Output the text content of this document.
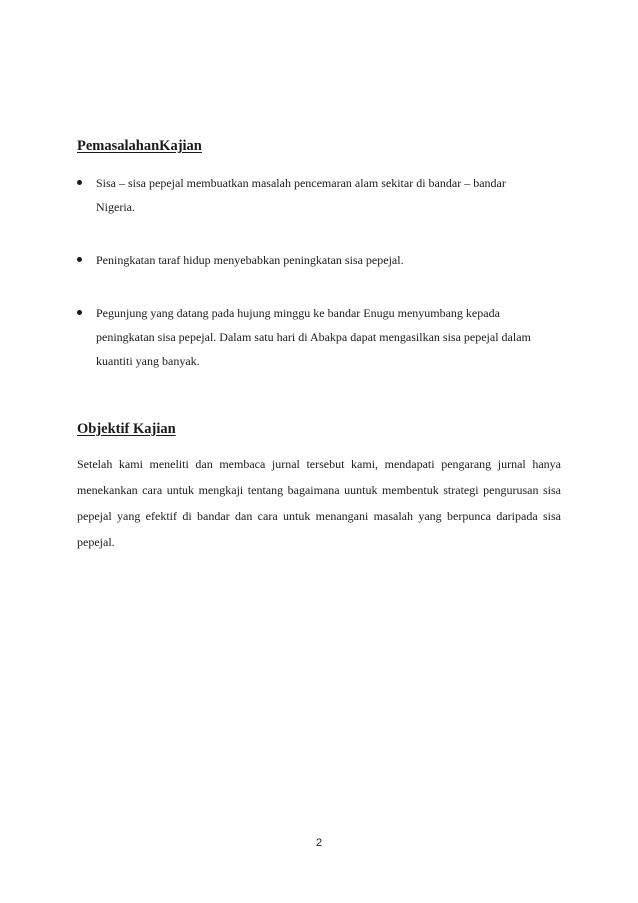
PemasalahanKajian
Sisa – sisa pepejal membuatkan masalah pencemaran alam sekitar di bandar – bandar Nigeria.
Peningkatan taraf hidup menyebabkan peningkatan sisa pepejal.
Pegunjung yang datang pada hujung minggu ke bandar Enugu menyumbang kepada peningkatan sisa pepejal. Dalam satu hari di Abakpa dapat mengasilkan sisa pepejal dalam kuantiti yang banyak.
Objektif Kajian

Setelah kami meneliti dan membaca jurnal tersebut kami, mendapati pengarang jurnal hanya menekankan cara untuk mengkaji tentang bagaimana uuntuk membentuk strategi pengurusan sisa pepejal yang efektif di bandar dan cara untuk menangani masalah yang berpunca daripada sisa pepejal.

2
